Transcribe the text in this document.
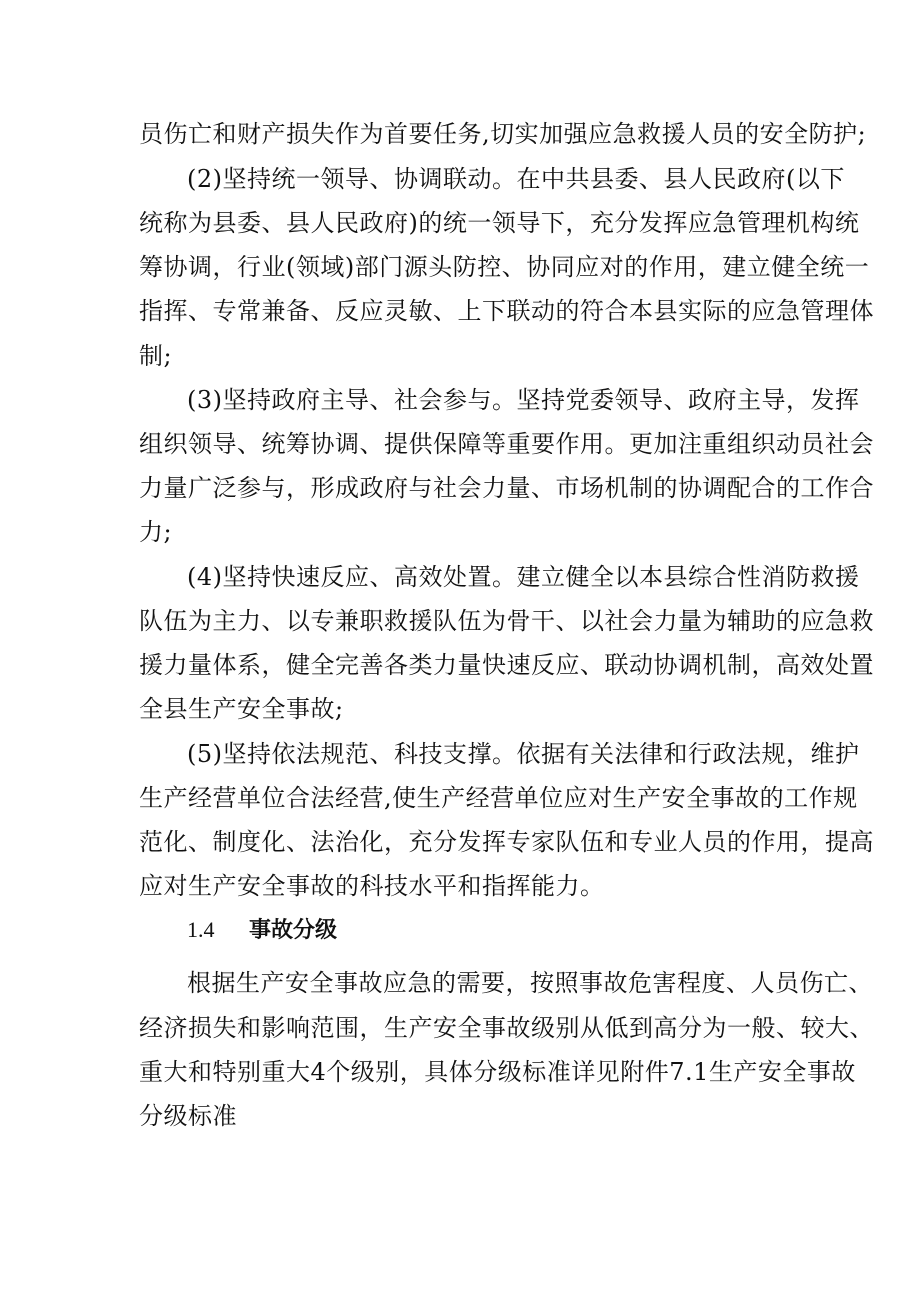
员伤亡和财产损失作为首要任务,切实加强应急救援人员的安全防护;
(2)坚持统一领导、协调联动。在中共县委、县人民政府(以下
统称为县委、县人民政府)的统一领导下，充分发挥应急管理机构统
筹协调，行业(领域)部门源头防控、协同应对的作用，建立健全统一
指挥、专常兼备、反应灵敏、上下联动的符合本县实际的应急管理体
制;
(3)坚持政府主导、社会参与。坚持党委领导、政府主导，发挥
组织领导、统筹协调、提供保障等重要作用。更加注重组织动员社会
力量广泛参与，形成政府与社会力量、市场机制的协调配合的工作合
力;
(4)坚持快速反应、高效处置。建立健全以本县综合性消防救援
队伍为主力、以专兼职救援队伍为骨干、以社会力量为辅助的应急救
援力量体系，健全完善各类力量快速反应、联动协调机制，高效处置
全县生产安全事故;
(5)坚持依法规范、科技支撑。依据有关法律和行政法规，维护
生产经营单位合法经营,使生产经营单位应对生产安全事故的工作规
范化、制度化、法治化，充分发挥专家队伍和专业人员的作用，提高
应对生产安全事故的科技水平和指挥能力。
1.4 事故分级
根据生产安全事故应急的需要，按照事故危害程度、人员伤亡、
经济损失和影响范围，生产安全事故级别从低到高分为一般、较大、
重大和特别重大4个级别，具体分级标准详见附件7.1生产安全事故
分级标准
